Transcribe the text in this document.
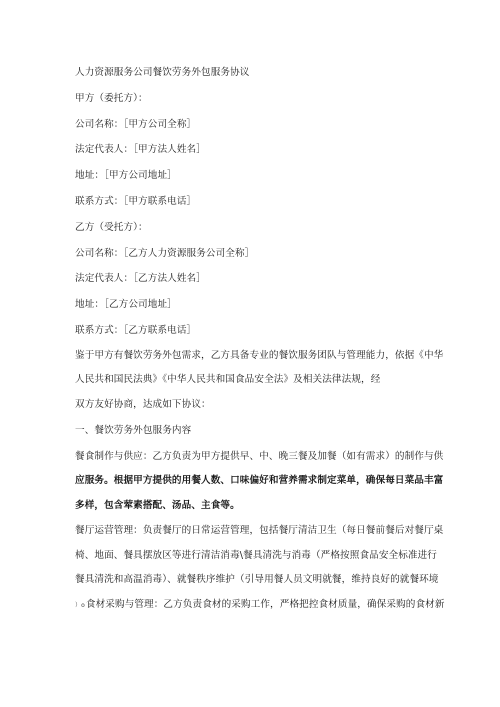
人力资源服务公司餐饮劳务外包服务协议

甲方（委托方）：

公司名称：［甲方公司全称］

法定代表人：［甲方法人姓名］

地址：［甲方公司地址］

联系方式：［甲方联系电话］

乙方（受托方）：

公司名称：［乙方人力资源服务公司全称］

法定代表人：［乙方法人姓名］

地址：［乙方公司地址］

联系方式：［乙方联系电话］

鉴于甲方有餐饮劳务外包需求，乙方具备专业的餐饮服务团队与管理能力，依据《中华

人民共和国民法典》《中华人民共和国食品安全法》及相关法律法规，经

双方友好协商，达成如下协议：

一、餐饮劳务外包服务内容

餐食制作与供应：乙方负责为甲方提供早、中、晚三餐及加餐（如有需求）的制作与供

应服务。根据甲方提供的用餐人数、口味偏好和营养需求制定菜单，确保每日菜品丰富

多样，包含荤素搭配、汤品、主食等。

餐厅运营管理：负责餐厅的日常运营管理，包括餐厅清洁卫生（每日餐前餐后对餐厅桌

椅、地面、餐具摆放区等进行清洁消毒\餐具清洗与消毒（严格按照食品安全标准进行

餐具清洗和高温消毒）、就餐秩序维护（引导用餐人员文明就餐，维持良好的就餐环境

）o食材采购与管理：乙方负责食材的采购工作，严格把控食材质量，确保采购的食材新
